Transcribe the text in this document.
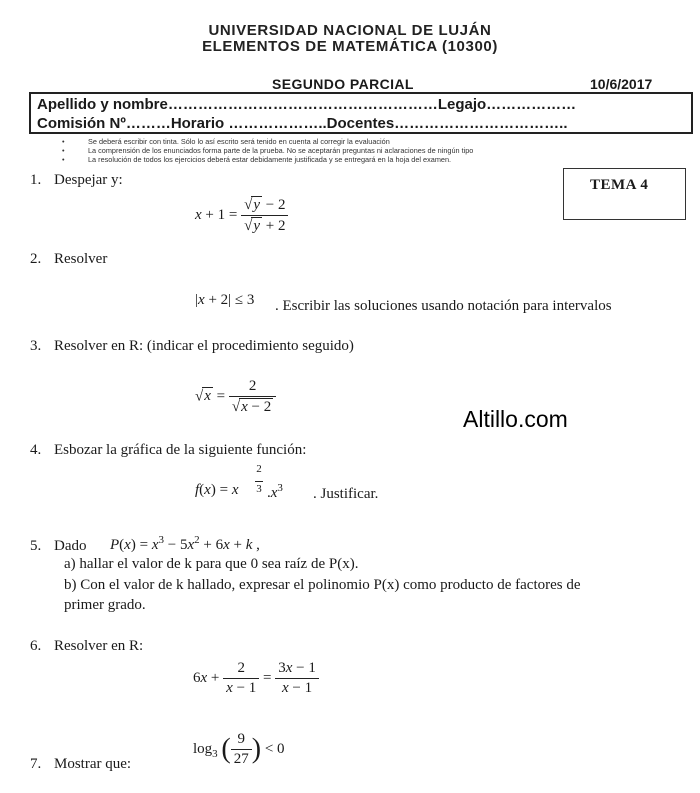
UNIVERSIDAD NACIONAL DE LUJÁN
ELEMENTOS DE MATEMÁTICA (10300)
SEGUNDO PARCIAL	10/6/2017
Apellido y nombre………………………………………………Legajo………………
Comisión Nº………Horario ………………..Docentes……………………………..
•	Se deberá escribir con tinta. Sólo lo así escrito será tenido en cuenta al corregir la evaluación
•	La comprensión de los enunciados forma parte de la prueba. No se aceptarán preguntas ni aclaraciones de ningún tipo
•	La resolución de todos los ejercicios deberá estar debidamente justificada y se entregará en la hoja del examen.
TEMA 4
1. Despejar y:
$x + 1 = \frac{√y - 2}{√y + 2}$
2. Resolver
|x + 2| ≤ 3 . Escribir las soluciones usando notación para intervalos
3. Resolver en R: (indicar el procedimiento seguido)
$√x = \frac{2}{√x - 2}$
Altillo.com
4. Esbozar la gráfica de la siguiente función:
f(x) = x
2

3 $.x^3$ . Justificar.
5. Dado $P(x) = x^3 - 5x^2 + 6x + k$ ,
a) hallar el valor de k para que 0 sea raíz de P(x).
b) Con el valor de k hallado, expresar el polinomio P(x) como producto de factores de
primer grado.
6. Resolver en R:
$6x + \frac{2}{x - 1} = \frac{3x - 1}{x - 1}$
$\log_3$ ( $\frac{9}{27}$ ) < 0
7. Mostrar que:
